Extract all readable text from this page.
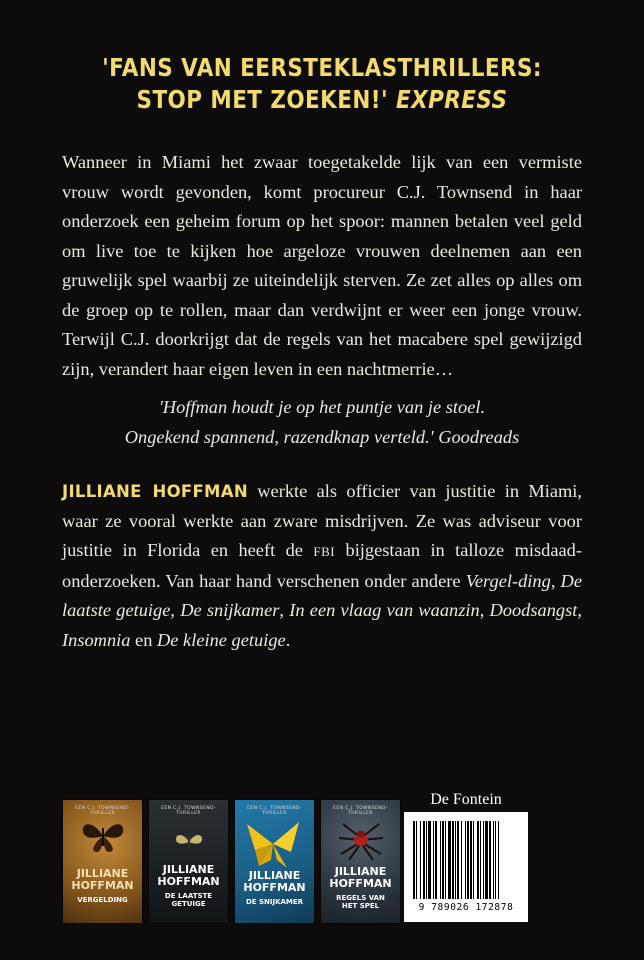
'FANS VAN EERSTEKLASTHRILLERS:
STOP MET ZOEKEN!' EXPRESS

Wanneer in Miami het zwaar toegetakelde lijk van een vermiste vrouw wordt gevonden, komt procureur C.J. Townsend in haar onderzoek een geheim forum op het spoor: mannen betalen veel geld om live toe te kijken hoe argeloze vrouwen deelnemen aan een gruwelijk spel waarbij ze uiteindelijk sterven. Ze zet alles op alles om de groep op te rollen, maar dan verdwijnt er weer een jonge vrouw. Terwijl C.J. doorkrijgt dat de regels van het macabere spel gewijzigd zijn, verandert haar eigen leven in een nachtmerrie…

'Hoffman houdt je op het puntje van je stoel.
Ongekend spannend, razendknap verteld.' Goodreads

JILLIANE HOFFMAN werkte als officier van justitie in Miami, waar ze vooral werkte aan zware misdrijven. Ze was adviseur voor justitie in Florida en heeft de FBI bijgestaan in talloze misdaad-onderzoeken. Van haar hand verschenen onder andere Vergel-ding, De laatste getuige, De snijkamer, In een vlaag van waanzin, Doodsangst, Insomnia en De kleine getuige.

EEN C.J. TOWNSEND-THRILLER
JILLIANE
HOFFMAN
VERGELDING
EEN C.J. TOWNSEND-THRILLER
JILLIANE
HOFFMAN
DE LAATSTE
GETUIGE
EEN C.J. TOWNSEND-THRILLER
JILLIANE
HOFFMAN
DE SNIJKAMER
EEN C.J. TOWNSEND-THRILLER
JILLIANE
HOFFMAN
REGELS VAN
HET SPEL
De Fontein
9 789026 172878
